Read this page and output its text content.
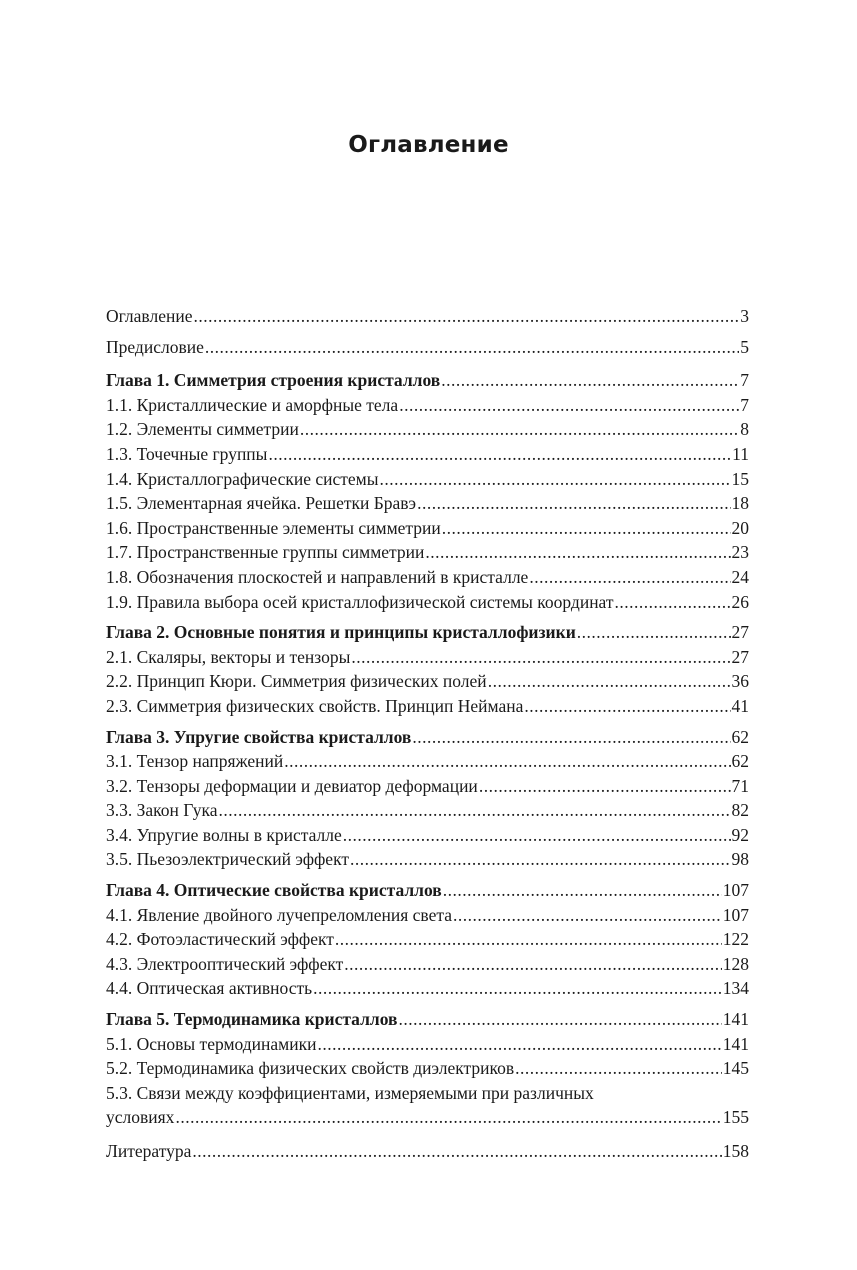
Оглавление
Оглавление .....	3
Предисловие .....	5
Глава 1. Симметрия строения кристаллов .....	7
1.1. Кристаллические и аморфные тела .....	7
1.2. Элементы симметрии .....	8
1.3. Точечные группы .....	11
1.4. Кристаллографические системы .....	15
1.5. Элементарная ячейка. Решетки Бравэ .....	18
1.6. Пространственные элементы симметрии .....	20
1.7. Пространственные группы симметрии .....	23
1.8. Обозначения плоскостей и направлений в кристалле .....	24
1.9. Правила выбора осей кристаллофизической системы координат .....	26
Глава 2. Основные понятия и принципы кристаллофизики .....	27
2.1. Скаляры, векторы и тензоры .....	27
2.2. Принцип Кюри. Симметрия физических полей .....	36
2.3. Симметрия физических свойств. Принцип Неймана .....	41
Глава 3. Упругие свойства кристаллов .....	62
3.1. Тензор напряжений .....	62
3.2. Тензоры деформации и девиатор деформации .....	71
3.3. Закон Гука .....	82
3.4. Упругие волны в кристалле .....	92
3.5. Пьезоэлектрический эффект .....	98
Глава 4. Оптические свойства кристаллов .....	107
4.1. Явление двойного лучепреломления света .....	107
4.2. Фотоэластический эффект .....	122
4.3. Электрооптический эффект .....	128
4.4. Оптическая активность .....	134
Глава 5. Термодинамика кристаллов .....	141
5.1. Основы термодинамики .....	141
5.2. Термодинамика физических свойств диэлектриков .....	145
5.3. Связи между коэффициентами, измеряемыми при различных
условиях .....	155
Литература .....	158
